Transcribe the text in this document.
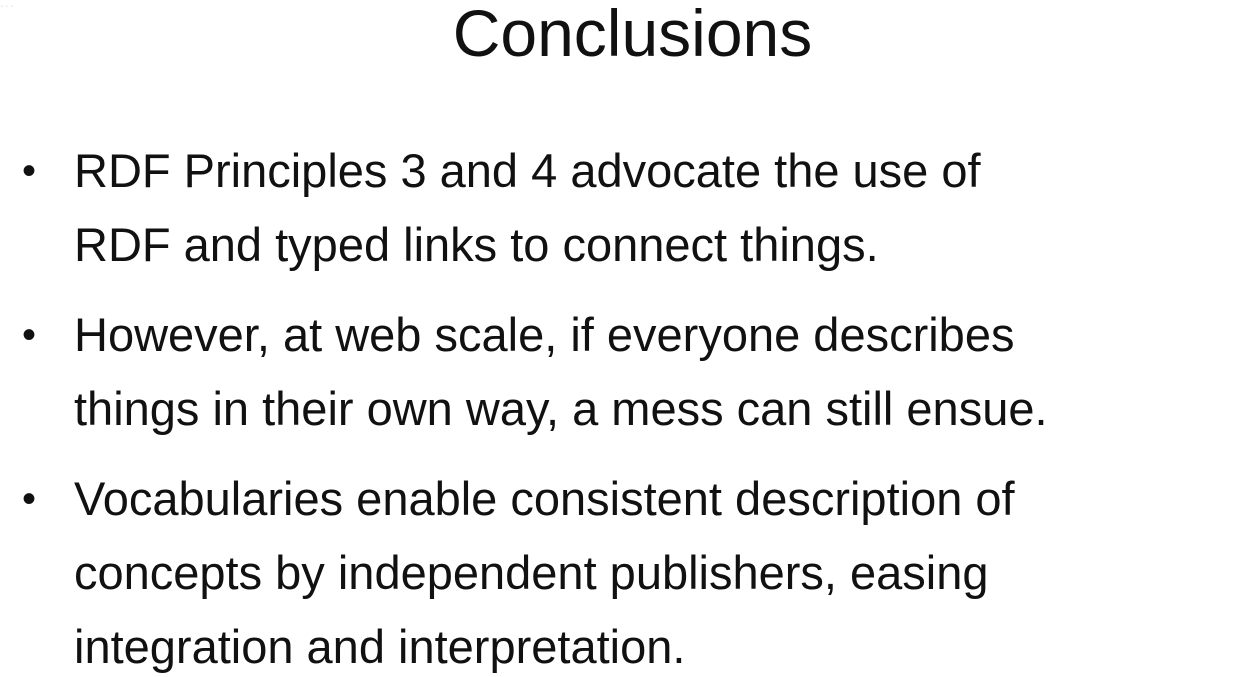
...	Conclusions
• RDF Principles 3 and 4 advocate the use of
RDF and typed links to connect things.
• However, at web scale, if everyone describes
things in their own way, a mess can still ensue.
• Vocabularies enable consistent description of
concepts by independent publishers, easing
integration and interpretation.
